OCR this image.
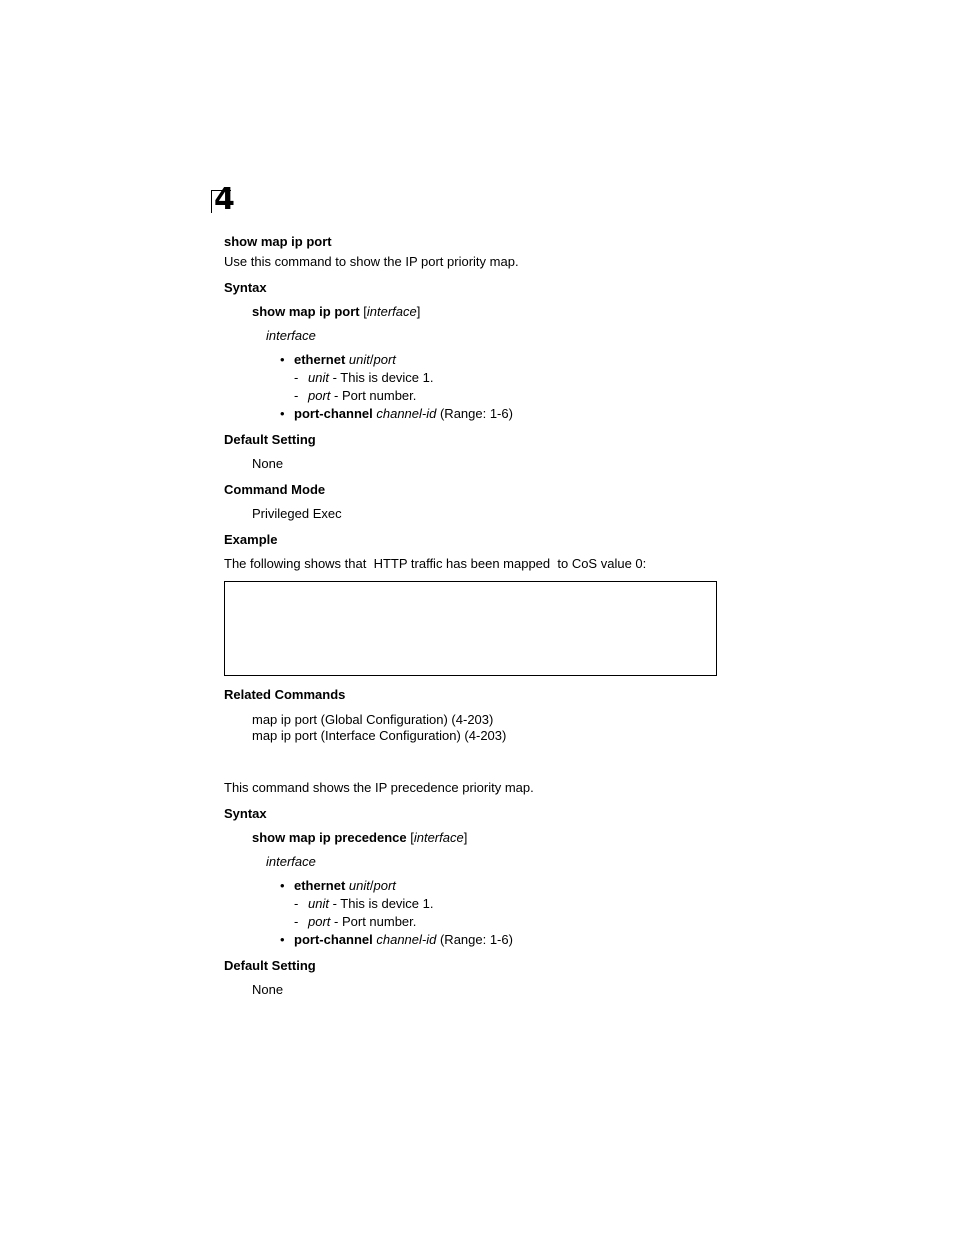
4
show map ip port
Use this command to show the IP port priority map.
Syntax
show map ip port [interface]
interface
• ethernet unit/port
- unit - This is device 1.
- port - Port number.
• port-channel channel-id (Range: 1-6)
Default Setting
None
Command Mode
Privileged Exec
Example
The following shows that  HTTP traffic has been mapped  to CoS value 0:
Related Commands
map ip port (Global Configuration) (4-203)
map ip port (Interface Configuration) (4-203)
This command shows the IP precedence priority map.
Syntax
show map ip precedence [interface]
interface
• ethernet unit/port
- unit - This is device 1.
- port - Port number.
• port-channel channel-id (Range: 1-6)
Default Setting
None
